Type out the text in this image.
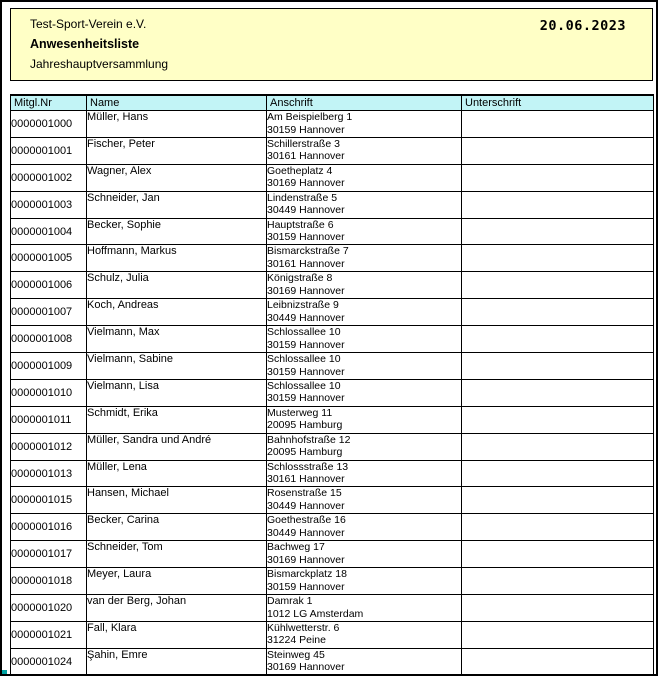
Test-Sport-Verein e.V.
Anwesenheitsliste
Jahreshauptversammlung
20.06.2023
Mitgl.Nr	Name	Anschrift	Unterschrift
0000001000	Müller, Hans	Am Beispielberg 1
30159 Hannover	

0000001001	Fischer, Peter	Schillerstraße 3
30161 Hannover	

0000001002	Wagner, Alex	Goetheplatz 4
30169 Hannover	

0000001003	Schneider, Jan	Lindenstraße 5
30449 Hannover	

0000001004	Becker, Sophie	Hauptstraße 6
30159 Hannover	

0000001005	Hoffmann, Markus	Bismarckstraße 7
30161 Hannover	

0000001006	Schulz, Julia	Königstraße 8
30169 Hannover	

0000001007	Koch, Andreas	Leibnizstraße 9
30449 Hannover	

0000001008	Vielmann, Max	Schlossallee 10
30159 Hannover	

0000001009	Vielmann, Sabine	Schlossallee 10
30159 Hannover	

0000001010	Vielmann, Lisa	Schlossallee 10
30159 Hannover	

0000001011	Schmidt, Erika	Musterweg 11
20095 Hamburg	

0000001012	Müller, Sandra und André	Bahnhofstraße 12
20095 Hamburg	

0000001013	Müller, Lena	Schlossstraße 13
30161 Hannover	

0000001015	Hansen, Michael	Rosenstraße 15
30449 Hannover	

0000001016	Becker, Carina	Goethestraße 16
30449 Hannover	

0000001017	Schneider, Tom	Bachweg 17
30169 Hannover	

0000001018	Meyer, Laura	Bismarckplatz 18
30159 Hannover	

0000001020	van der Berg, Johan	Damrak 1
1012 LG Amsterdam	

0000001021	Fall, Klara	Kühlwetterstr. 6
31224 Peine	

0000001024	Şahin, Emre	Steinweg 45
30169 Hannover	
